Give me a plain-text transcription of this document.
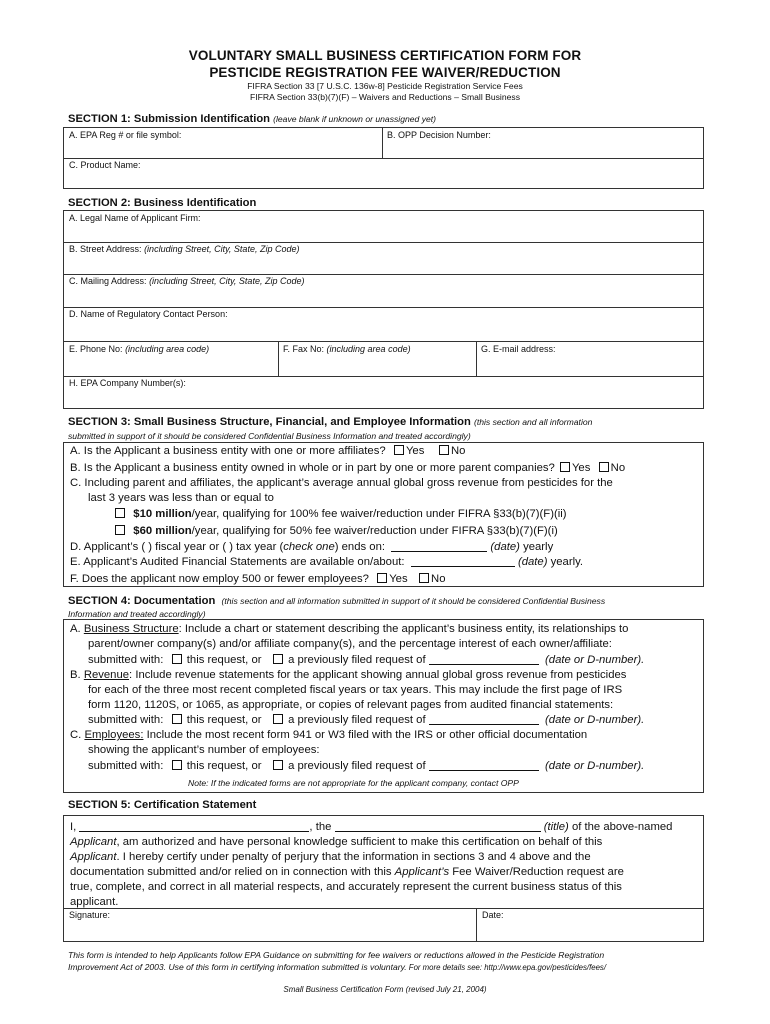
VOLUNTARY SMALL BUSINESS CERTIFICATION FORM FOR
PESTICIDE REGISTRATION FEE WAIVER/REDUCTION
FIFRA Section 33 [7 U.S.C. 136w-8] Pesticide Registration Service Fees
FIFRA Section 33(b)(7)(F) – Waivers and Reductions – Small Business
SECTION 1: Submission Identification (leave blank if unknown or unassigned yet)
A. EPA Reg # or file symbol:	B. OPP Decision Number:
C. Product Name:
SECTION 2: Business Identification
A. Legal Name of Applicant Firm:
B. Street Address: (including Street, City, State, Zip Code)
C. Mailing Address: (including Street, City, State, Zip Code)
D. Name of Regulatory Contact Person:
E. Phone No: (including area code)	F. Fax No: (including area code)	G. E-mail address:
H. EPA Company Number(s):
SECTION 3: Small Business Structure, Financial, and Employee Information (this section and all information
submitted in support of it should be considered Confidential Business Information and treated accordingly)
A. Is the Applicant a business entity with one or more affiliates? Yes No
B. Is the Applicant a business entity owned in whole or in part by one or more parent companies? Yes No
C. Including parent and affiliates, the applicant’s average annual global gross revenue from pesticides for the
last 3 years was less than or equal to
$10 million/year, qualifying for 100% fee waiver/reduction under FIFRA §33(b)(7)(F)(ii)
$60 million/year, qualifying for 50% fee waiver/reduction under FIFRA §33(b)(7)(F)(i)
D. Applicant’s ( ) fiscal year or ( ) tax year (check one) ends on:	(date) yearly
E. Applicant’s Audited Financial Statements are available on/about:	(date) yearly.
F. Does the applicant now employ 500 or fewer employees? Yes No
SECTION 4: Documentation (this section and all information submitted in support of it should be considered Confidential Business
Information and treated accordingly)
A. Business Structure: Include a chart or statement describing the applicant’s business entity, its relationships to
parent/owner company(s) and/or affiliate company(s), and the percentage interest of each owner/affiliate:
submitted with: this request, or a previously filed request of	(date or D-number).
B. Revenue: Include revenue statements for the applicant showing annual global gross revenue from pesticides
for each of the three most recent completed fiscal years or tax years. This may include the first page of IRS
form 1120, 1120S, or 1065, as appropriate, or copies of relevant pages from audited financial statements:
submitted with: this request, or a previously filed request of	(date or D-number).
C. Employees: Include the most recent form 941 or W3 filed with the IRS or other official documentation
showing the applicant’s number of employees:
submitted with: this request, or a previously filed request of	(date or D-number).
Note: If the indicated forms are not appropriate for the applicant company, contact OPP
SECTION 5: Certification Statement
Signature:	Date:
I,	, the	(title) of the above-named
Applicant, am authorized and have personal knowledge sufficient to make this certification on behalf of this
Applicant. I hereby certify under penalty of perjury that the information in sections 3 and 4 above and the
documentation submitted and/or relied on in connection with this Applicant’s Fee Waiver/Reduction request are
true, complete, and correct in all material respects, and accurately represent the current business status of this
applicant.
This form is intended to help Applicants follow EPA Guidance on submitting for fee waivers or reductions allowed in the Pesticide Registration
Improvement Act of 2003. Use of this form in certifying information submitted is voluntary. For more details see: http://www.epa.gov/pesticides/fees/
Small Business Certification Form (revised July 21, 2004)
